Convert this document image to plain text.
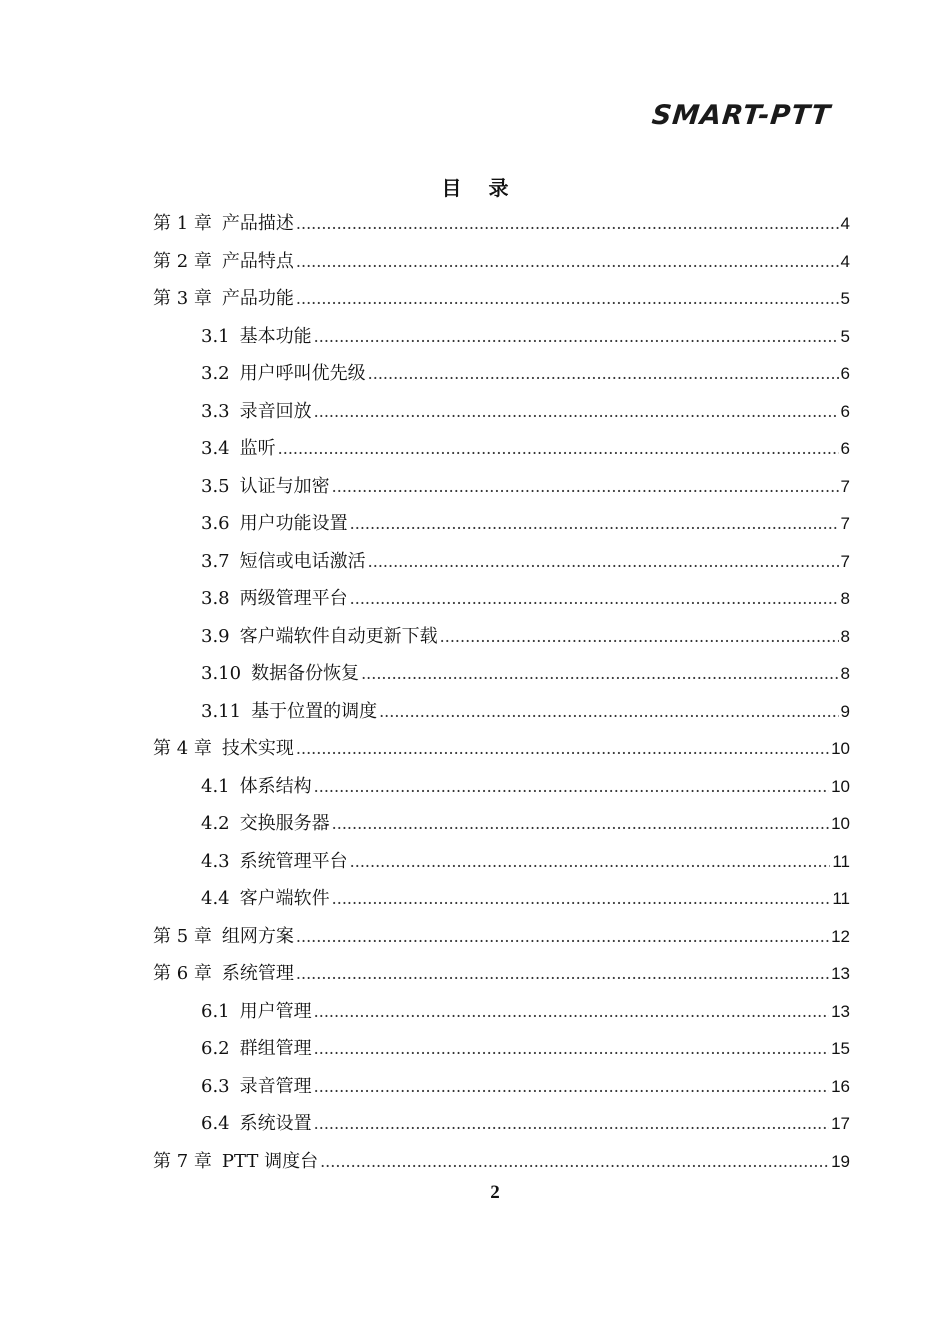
SMART-PTT
目 录
第 1 章 产品描述 .....	4
第 2 章 产品特点 .....	4
第 3 章 产品功能 .....	5
3.1 基本功能 .....	5
3.2 用户呼叫优先级 .....	6
3.3 录音回放 .....	6
3.4 监听 .....	6
3.5 认证与加密 .....	7
3.6 用户功能设置 .....	7
3.7 短信或电话激活 .....	7
3.8 两级管理平台 .....	8
3.9 客户端软件自动更新下载 .....	8
3.10 数据备份恢复 .....	8
3.11 基于位置的调度 .....	9
第 4 章 技术实现 .....	10
4.1 体系结构 .....	10
4.2 交换服务器 .....	10
4.3 系统管理平台 .....	11
4.4 客户端软件 .....	11
第 5 章 组网方案 .....	12
第 6 章 系统管理 .....	13
6.1 用户管理 .....	13
6.2 群组管理 .....	15
6.3 录音管理 .....	16
6.4 系统设置 .....	17
第 7 章 PTT 调度台 .....	19
2
